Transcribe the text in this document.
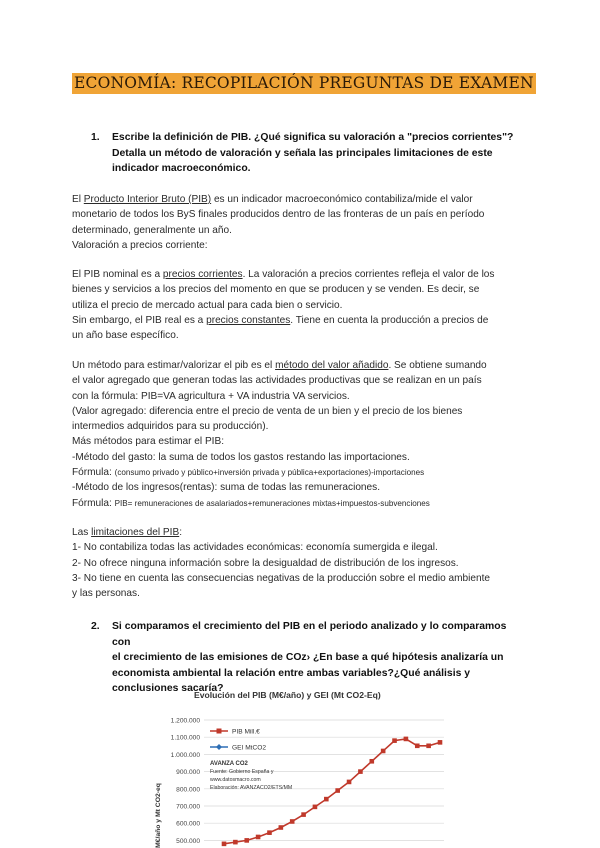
ECONOMÍA: RECOPILACIÓN PREGUNTAS DE EXAMEN
1. Escribe la definición de PIB. ¿Qué significa su valoración a "precios corrientes"?
Detalla un método de valoración y señala las principales limitaciones de este
indicador macroeconómico.
El Producto Interior Bruto (PIB) es un indicador macroeconómico contabiliza/mide el valor
monetario de todos los ByS finales producidos dentro de las fronteras de un país en período
determinado, generalmente un año.
Valoración a precios corriente:
El PIB nominal es a precios corrientes. La valoración a precios corrientes refleja el valor de los
bienes y servicios a los precios del momento en que se producen y se venden. Es decir, se
utiliza el precio de mercado actual para cada bien o servicio.
Sin embargo, el PIB real es a precios constantes. Tiene en cuenta la producción a precios de
un año base específico.
Un método para estimar/valorizar el pib es el método del valor añadido. Se obtiene sumando
el valor agregado que generan todas las actividades productivas que se realizan en un país
con la fórmula: PIB=VA agricultura + VA industria VA servicios.
(Valor agregado: diferencia entre el precio de venta de un bien y el precio de los bienes
intermedios adquiridos para su producción).
Más métodos para estimar el PIB:
-Método del gasto: la suma de todos los gastos restando las importaciones.
Fórmula: (consumo privado y público+inversión privada y pública+exportaciones)-importaciones
-Método de los ingresos(rentas): suma de todas las remuneraciones.
Fórmula: PIB= remuneraciones de asalariados+remuneraciones mixtas+impuestos-subvenciones
Las limitaciones del PIB:
1- No contabiliza todas las actividades económicas: economía sumergida e ilegal.
2- No ofrece ninguna información sobre la desigualdad de distribución de los ingresos.
3- No tiene en cuenta las consecuencias negativas de la producción sobre el medio ambiente
y las personas.
2. Si comparamos el crecimiento del PIB en el periodo analizado y lo comparamos con
el crecimiento de las emisiones de COz› ¿En base a qué hipótesis analizaría un
economista ambiental la relación entre ambas variables?¿Qué análisis y
conclusiones sacaría?
Evolución del PIB (M€/año) y GEI (Mt CO2-Eq)
1.200.000
1.100.000
1.000.000
900.000
800.000
700.000
600.000
500.000
M€/año y Mt CO2-eq
PIB Mill.€
GEI MtCO2
AVANZA CO2
Fuente: Gobierno España y
www.datosmacro.com
Elaboración: AVANZACO2/ETS/MM
